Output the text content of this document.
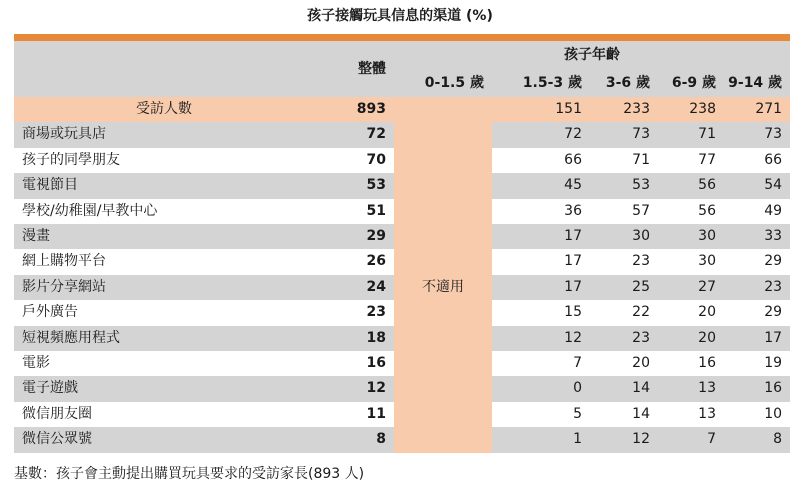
孩子接觸玩具信息的渠道 (%)
	整體	孩子年齡				
		0-1.5 歲	1.5-3 歲	3-6 歲	6-9 歲	9-14 歲
受訪人數	893		151	233	238	271
商場或玩具店	72	不適用	72	73	71	73
孩子的同學朋友	70		66	71	77	66
電視節目	53		45	53	56	54
學校/幼稚園/早教中心	51		36	57	56	49
漫畫	29		17	30	30	33
網上購物平台	26		17	23	30	29
影片分享網站	24		17	25	27	23
戶外廣告	23		15	22	20	29
短視頻應用程式	18		12	23	20	17
電影	16		7	20	16	19
電子遊戲	12		0	14	13	16
微信朋友圈	11		5	14	13	10
微信公眾號	8		1	12	7	8
基數：孩子會主動提出購買玩具要求的受訪家長(893 人)
